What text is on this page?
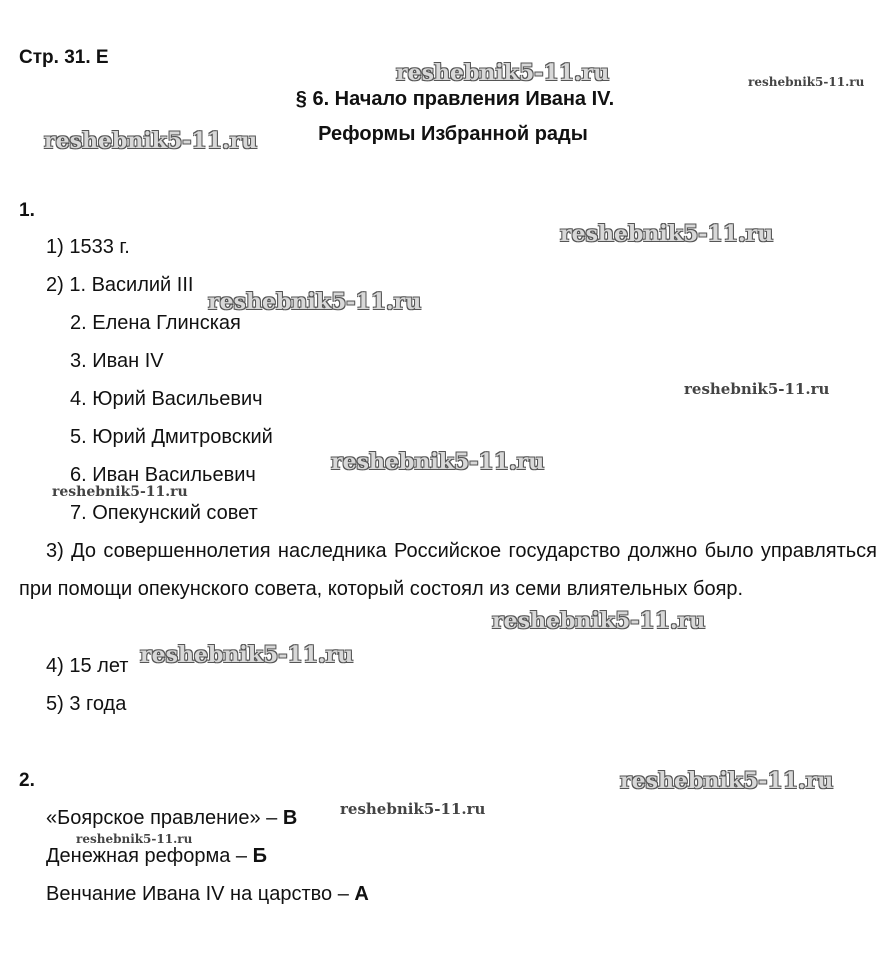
Стр. 31. Е
§ 6. Начало правления Ивана IV.
Реформы Избранной рады
1.
1) 1533 г.
2) 1. Василий III
2. Елена Глинская
3. Иван IV
4. Юрий Васильевич
5. Юрий Дмитровский
6. Иван Васильевич
7. Опекунский совет
3) До совершеннолетия наследника Российское государство должно было управляться при помощи опекунского совета, который состоял из семи влиятельных бояр.
4) 15 лет
5) 3 года
2.
«Боярское правление» – В
Денежная реформа – Б
Венчание Ивана IV на царство – А
reshebnik5-11.ru	reshebnik5-11.ru
reshebnik5-11.ru
reshebnik5-11.ru
reshebnik5-11.ru
reshebnik5-11.ru
reshebnik5-11.ru
reshebnik5-11.ru
reshebnik5-11.ru
reshebnik5-11.ru
reshebnik5-11.ru
reshebnik5-11.ru
reshebnik5-11.ru
